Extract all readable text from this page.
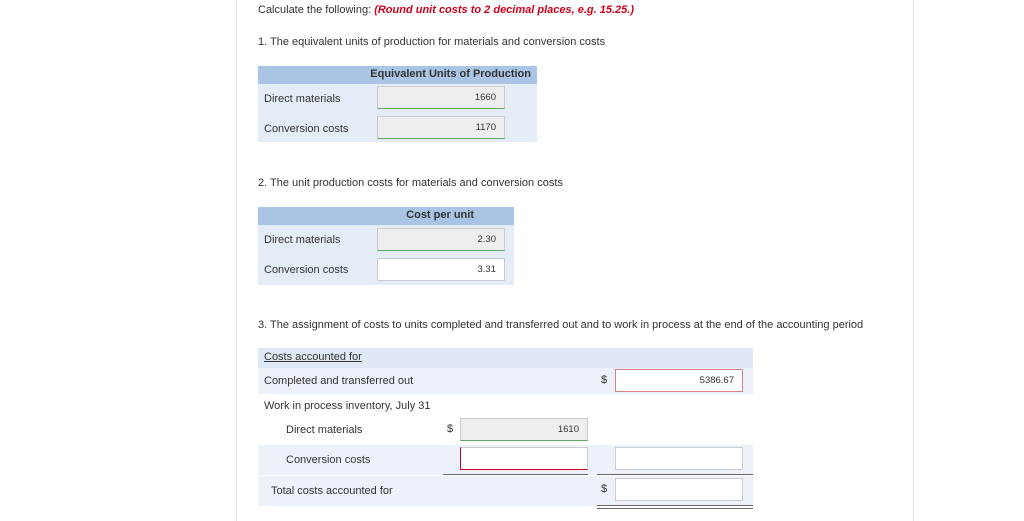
Calculate the following: (Round unit costs to 2 decimal places, e.g. 15.25.)
1. The equivalent units of production for materials and conversion costs
Equivalent Units of Production
Direct materials	1660
Conversion costs	1170
2. The unit production costs for materials and conversion costs
Cost per unit
Direct materials	2.30
Conversion costs	3.31
3. The assignment of costs to units completed and transferred out and to work in process at the end of the accounting period
Costs accounted for
Completed and transferred out	$	5386.67
Work in process inventory, July 31
Direct materials	$	1610
Conversion costs
Total costs accounted for	$
